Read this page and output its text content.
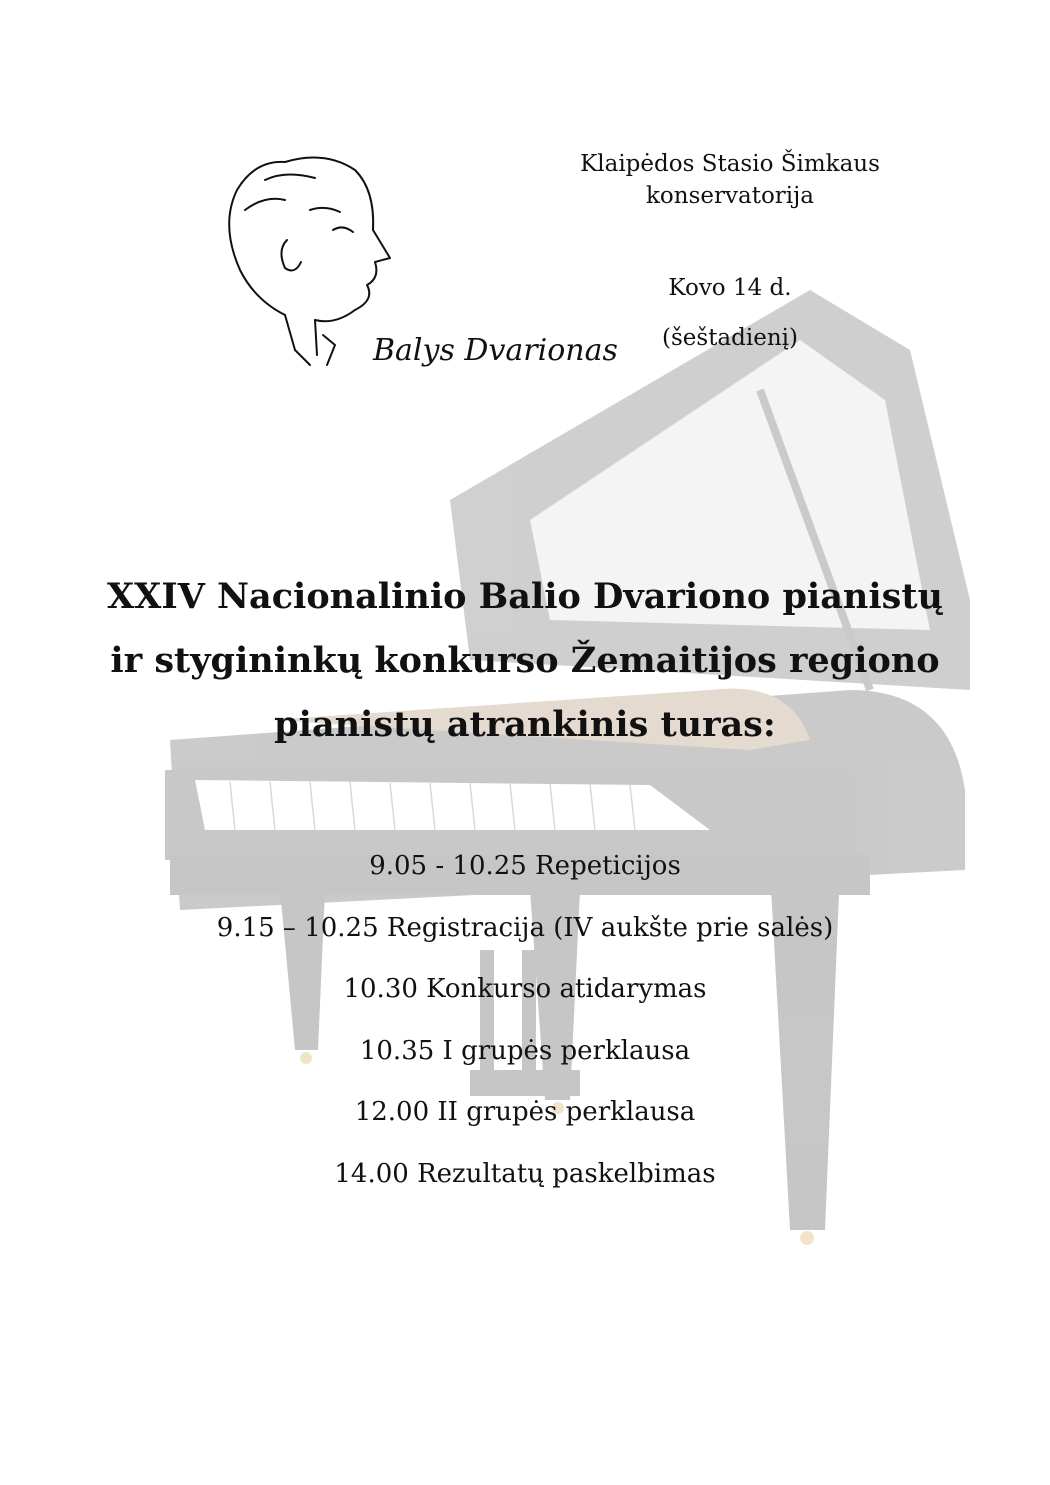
Balys Dvarionas
Klaipėdos Stasio Šimkaus
konservatorija
Kovo 14 d.
(šeštadienį)
XXIV Nacionalinio Balio Dvariono pianistų
ir stygininkų konkurso Žemaitijos regiono
pianistų atrankinis turas:
9.05 - 10.25 Repeticijos
9.15 – 10.25 Registracija (IV aukšte prie salės)
10.30 Konkurso atidarymas
10.35 I grupės perklausa
12.00 II grupės perklausa
14.00 Rezultatų paskelbimas
